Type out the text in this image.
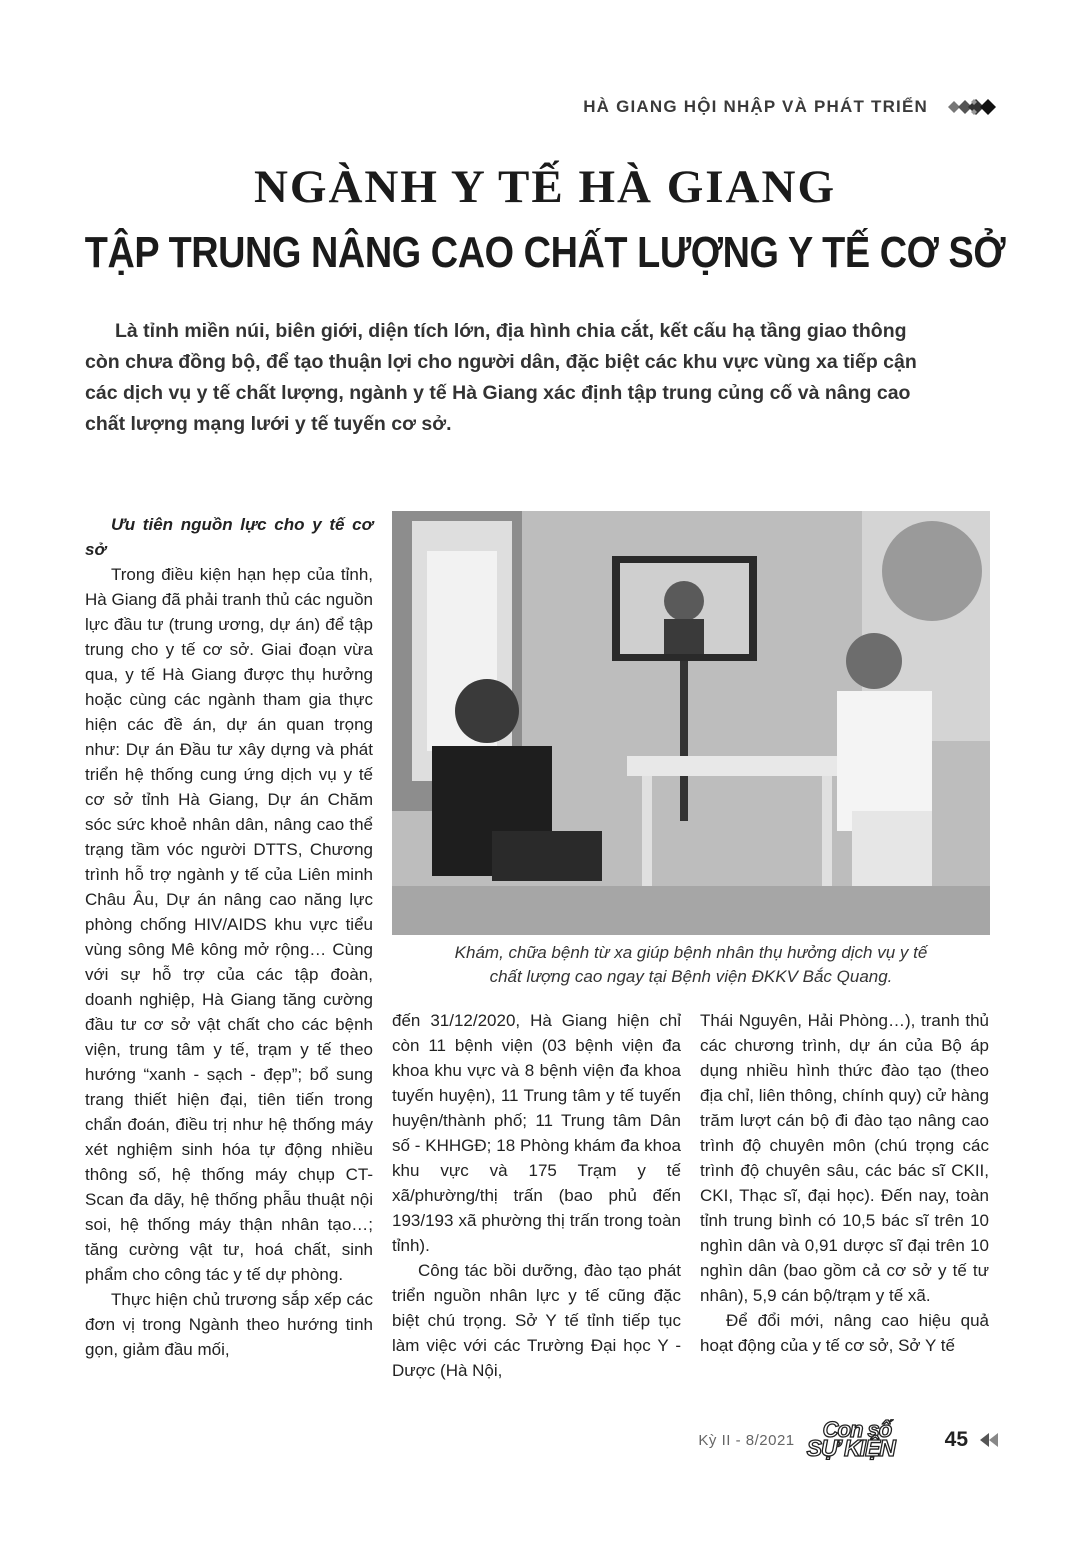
HÀ GIANG HỘI NHẬP VÀ PHÁT TRIỂN
NGÀNH Y TẾ HÀ GIANG
TẬP TRUNG NÂNG CAO CHẤT LƯỢNG Y TẾ CƠ SỞ

Là tỉnh miền núi, biên giới, diện tích lớn, địa hình chia cắt, kết cấu hạ tầng giao thông còn chưa đồng bộ, để tạo thuận lợi cho người dân, đặc biệt các khu vực vùng xa tiếp cận các dịch vụ y tế chất lượng, ngành y tế Hà Giang xác định tập trung củng cố và nâng cao chất lượng mạng lưới y tế tuyến cơ sở.

Ưu tiên nguồn lực cho y tế cơ sở

Trong điều kiện hạn hẹp của tỉnh, Hà Giang đã phải tranh thủ các nguồn lực đầu tư (trung ương, dự án) để tập trung cho y tế cơ sở. Giai đoạn vừa qua, y tế Hà Giang được thụ hưởng hoặc cùng các ngành tham gia thực hiện các đề án, dự án quan trọng như: Dự án Đầu tư xây dựng và phát triển hệ thống cung ứng dịch vụ y tế cơ sở tỉnh Hà Giang, Dự án Chăm sóc sức khoẻ nhân dân, nâng cao thể trạng tầm vóc người DTTS, Chương trình hỗ trợ ngành y tế của Liên minh Châu Âu, Dự án nâng cao năng lực phòng chống HIV/AIDS khu vực tiểu vùng sông Mê kông mở rộng… Cùng với sự hỗ trợ của các tập đoàn, doanh nghiệp, Hà Giang tăng cường đầu tư cơ sở vật chất cho các bệnh viện, trung tâm y tế, trạm y tế theo hướng “xanh - sạch - đẹp”; bổ sung trang thiết hiện đại, tiên tiến trong chẩn đoán, điều trị như hệ thống máy xét nghiệm sinh hóa tự động nhiều thông số, hệ thống máy chụp CT- Scan đa dãy, hệ thống phẫu thuật nội soi, hệ thống máy thận nhân tạo…; tăng cường vật tư, hoá chất, sinh phẩm cho công tác y tế dự phòng.

Thực hiện chủ trương sắp xếp các đơn vị trong Ngành theo hướng tinh gọn, giảm đầu mối,

Khám, chữa bệnh từ xa giúp bệnh nhân thụ hưởng dịch vụ y tế
chất lượng cao ngay tại Bệnh viện ĐKKV Bắc Quang.

đến 31/12/2020, Hà Giang hiện chỉ còn 11 bệnh viện (03 bệnh viện đa khoa khu vực và 8 bệnh viện đa khoa tuyến huyện), 11 Trung tâm y tế tuyến huyện/thành phố; 11 Trung tâm Dân số - KHHGĐ; 18 Phòng khám đa khoa khu vực và 175 Trạm y tế xã/phường/thị trấn (bao phủ đến 193/193 xã phường thị trấn trong toàn tỉnh).

Công tác bồi dưỡng, đào tạo phát triển nguồn nhân lực y tế cũng đặc biệt chú trọng. Sở Y tế tỉnh tiếp tục làm việc với các Trường Đại học Y - Dược (Hà Nội,

Thái Nguyên, Hải Phòng…), tranh thủ các chương trình, dự án của Bộ áp dụng nhiều hình thức đào tạo (theo địa chỉ, liên thông, chính quy) cử hàng trăm lượt cán bộ đi đào tạo nâng cao trình độ chuyên môn (chú trọng các trình độ chuyên sâu, các bác sĩ CKII, CKI, Thạc sĩ, đại học). Đến nay, toàn tỉnh trung bình có 10,5 bác sĩ trên 10 nghìn dân và 0,91 dược sĩ đại trên 10 nghìn dân (bao gồm cả cơ sở y tế tư nhân), 5,9 cán bộ/trạm y tế xã.

Để đổi mới, nâng cao hiệu quả hoạt động của y tế cơ sở, Sở Y tế

Kỳ II - 8/2021 Con số
SỰ KIỆN 45
